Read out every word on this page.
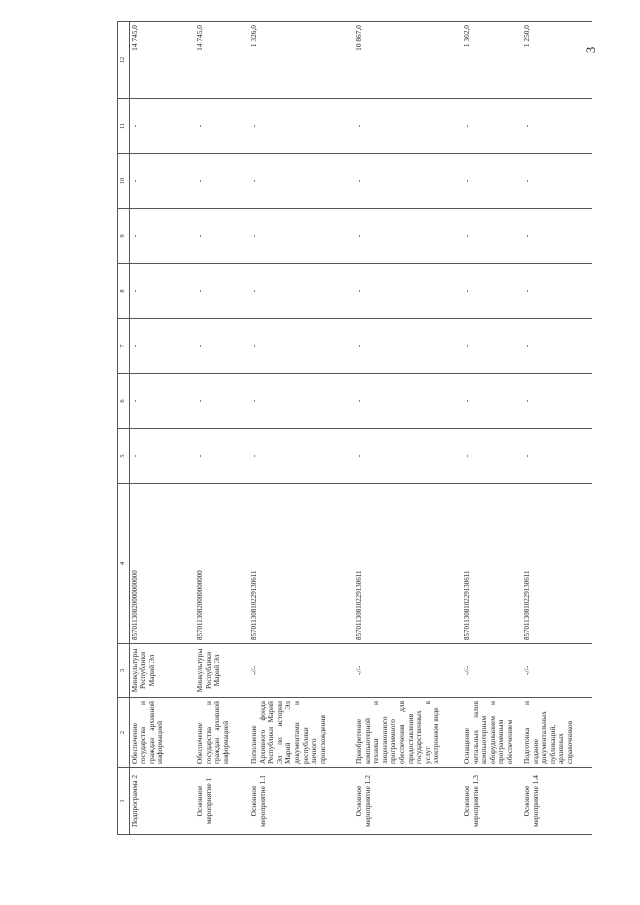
3
1	2	3	4	5	6	7	8	9	10	11	12
Подпрограмма 2	Обеспечение государства и граждан архивной информацией	Минкультуры Республики Марий Эл	85701130820000000000	-	-	-	-	-	-	-	14 745,0
Основное мероприятие 1	Обеспечение государства и граждан архивной информацией	Минкультуры Республики Марий Эл	85701130820000000000	-	-	-	-	-	-	-	14 745,0
Основное мероприятие 1.1	Пополнение Архивного фонда Республики Марий Эл по истории Марий Эл документами и республики личного происхождения	-//-	85701130810229130611	-	-	-	-	-	-	-	1 326,0
Основное мероприятие 1.2	Приобретение компьютерной техники и лицензионного программного обеспечения для предоставления государственных услуг в электронном виде	-//-	85701130810229130611	-	-	-	-	-	-	-	10 867,0
Основное мероприятие 1.3	Оснащение читальных залов компьютерным оборудованием и программным обеспечением	-//-	85701130810229130611	-	-	-	-	-	-	-	1 302,0
Основное мероприятие 1.4	Подготовка и издание документальных публикаций, архивных справочников	-//-	85701130810229130611	-	-	-	-	-	-	-	1 250,0
